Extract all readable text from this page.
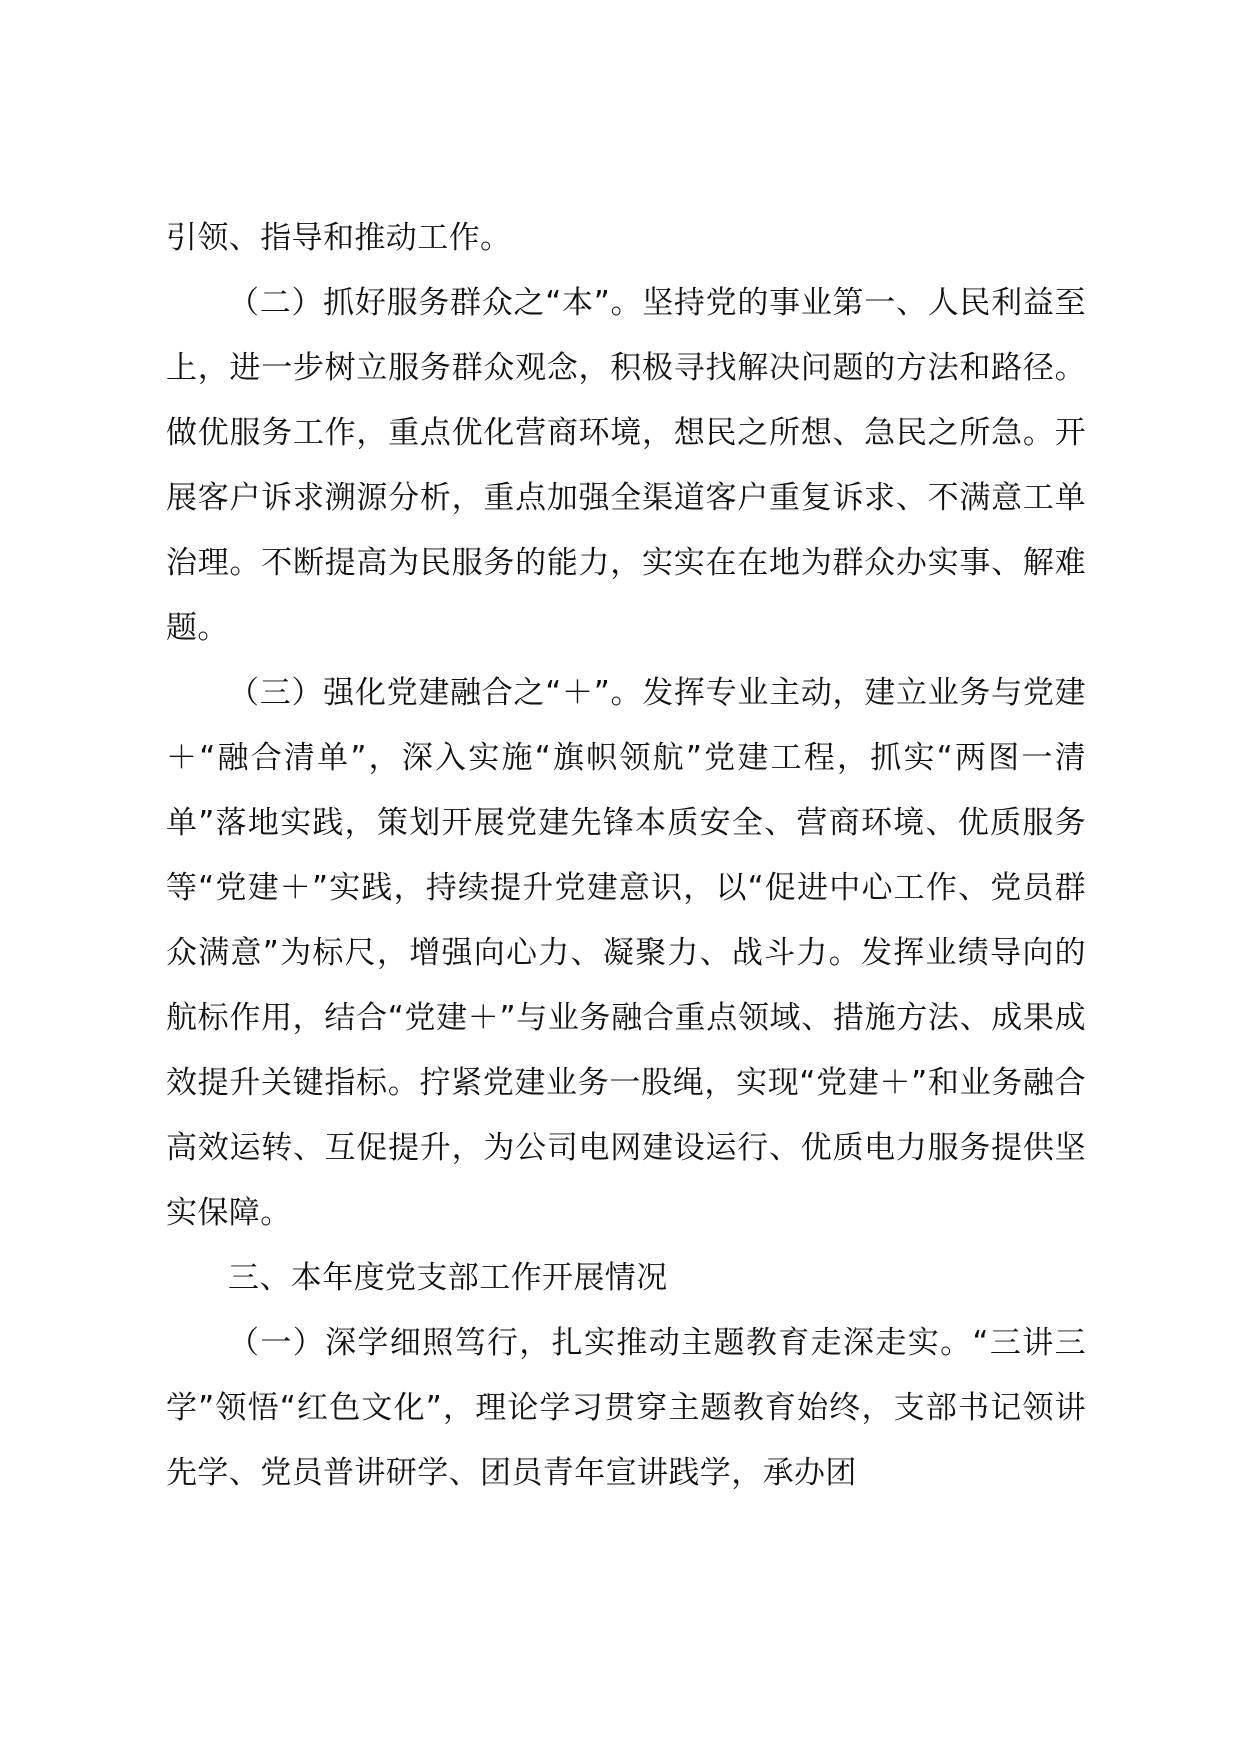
引领、指导和推动工作。

（二）抓好服务群众之“本”。坚持党的事业第一、人民利益至上，进一步树立服务群众观念，积极寻找解决问题的方法和路径。做优服务工作，重点优化营商环境，想民之所想、急民之所急。开展客户诉求溯源分析，重点加强全渠道客户重复诉求、不满意工单治理。不断提高为民服务的能力，实实在在地为群众办实事、解难题。

（三）强化党建融合之“＋”。发挥专业主动，建立业务与党建＋“融合清单”，深入实施“旗帜领航”党建工程，抓实“两图一清单”落地实践，策划开展党建先锋本质安全、营商环境、优质服务等“党建＋”实践，持续提升党建意识，以“促进中心工作、党员群众满意”为标尺，增强向心力、凝聚力、战斗力。发挥业绩导向的航标作用，结合“党建＋”与业务融合重点领域、措施方法、成果成效提升关键指标。拧紧党建业务一股绳，实现“党建＋”和业务融合高效运转、互促提升，为公司电网建设运行、优质电力服务提供坚实保障。

三、本年度党支部工作开展情况

（一）深学细照笃行，扎实推动主题教育走深走实。“三讲三学”领悟“红色文化”，理论学习贯穿主题教育始终，支部书记领讲先学、党员普讲研学、团员青年宣讲践学，承办团
